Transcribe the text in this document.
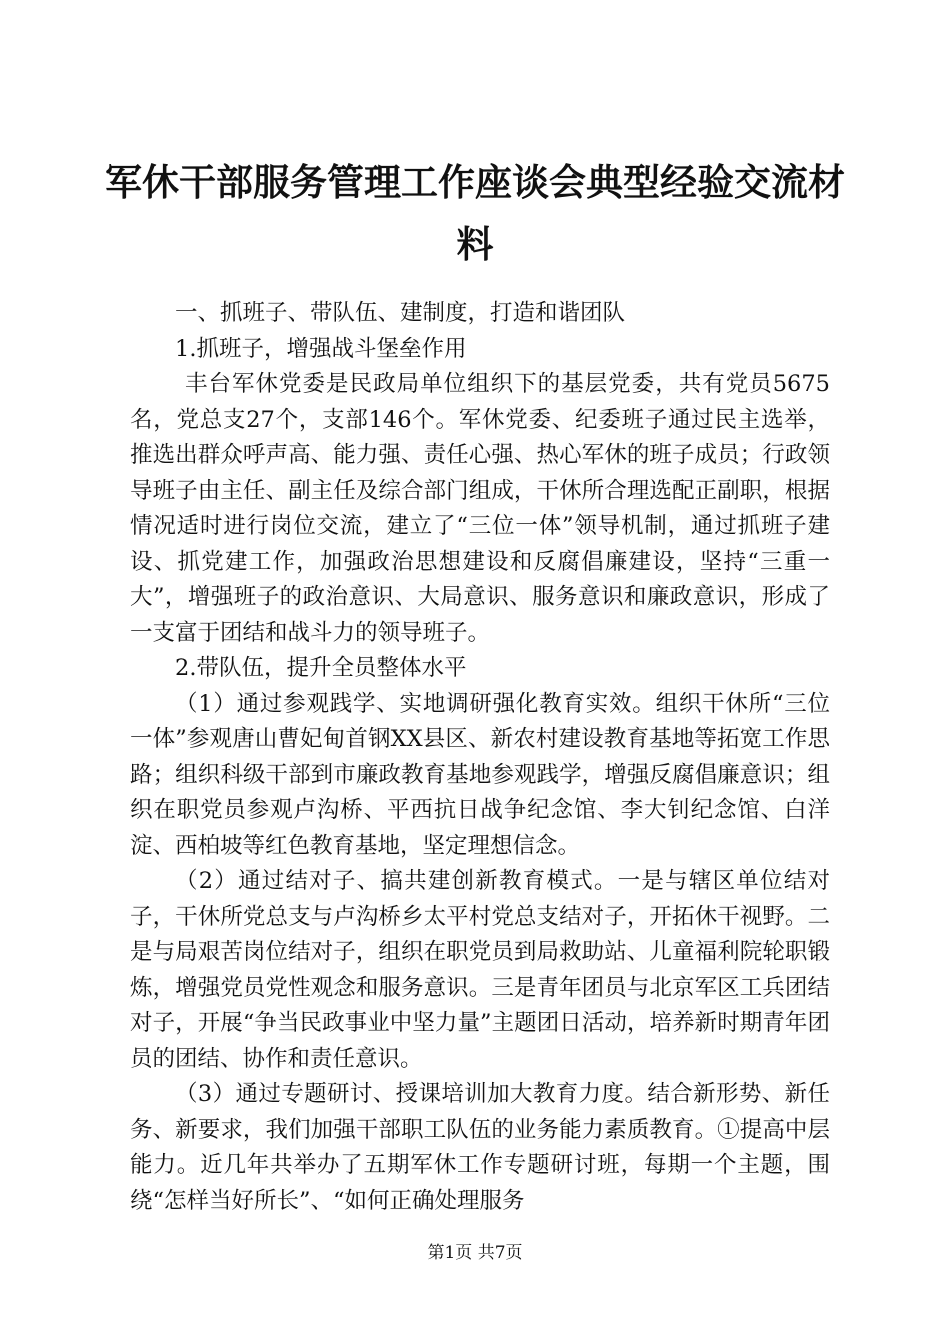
军休干部服务管理工作座谈会典型经验交流材
料

一、抓班子、带队伍、建制度，打造和谐团队

1.抓班子，增强战斗堡垒作用

丰台军休党委是民政局单位组织下的基层党委，共有党员5675名，党总支27个，支部146个。军休党委、纪委班子通过民主选举，推选出群众呼声高、能力强、责任心强、热心军休的班子成员；行政领导班子由主任、副主任及综合部门组成，干休所合理选配正副职，根据情况适时进行岗位交流，建立了“三位一体”领导机制，通过抓班子建设、抓党建工作，加强政治思想建设和反腐倡廉建设，坚持“三重一大”，增强班子的政治意识、大局意识、服务意识和廉政意识，形成了一支富于团结和战斗力的领导班子。

2.带队伍，提升全员整体水平

（1）通过参观践学、实地调研强化教育实效。组织干休所“三位一体”参观唐山曹妃甸首钢XX县区、新农村建设教育基地等拓宽工作思路；组织科级干部到市廉政教育基地参观践学，增强反腐倡廉意识；组织在职党员参观卢沟桥、平西抗日战争纪念馆、李大钊纪念馆、白洋淀、西柏坡等红色教育基地，坚定理想信念。

（2）通过结对子、搞共建创新教育模式。一是与辖区单位结对子，干休所党总支与卢沟桥乡太平村党总支结对子，开拓休干视野。二是与局艰苦岗位结对子，组织在职党员到局救助站、儿童福利院轮职锻炼，增强党员党性观念和服务意识。三是青年团员与北京军区工兵团结对子，开展“争当民政事业中坚力量”主题团日活动，培养新时期青年团员的团结、协作和责任意识。

（3）通过专题研讨、授课培训加大教育力度。结合新形势、新任务、新要求，我们加强干部职工队伍的业务能力素质教育。①提高中层能力。近几年共举办了五期军休工作专题研讨班，每期一个主题，围绕“怎样当好所长”、“如何正确处理服务

第1页 共7页
